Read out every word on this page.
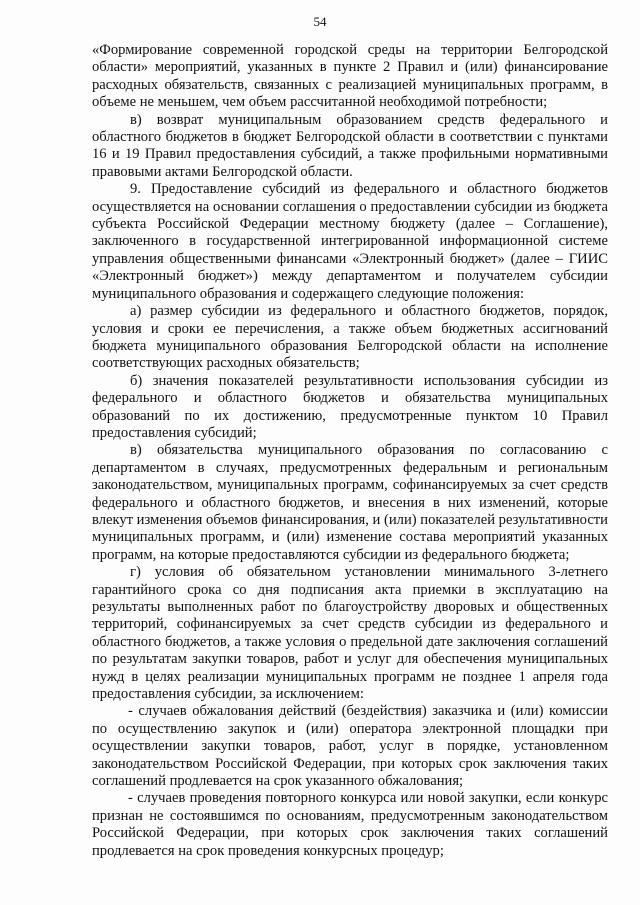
54

«Формирование современной городской среды на территории Белгородской области» мероприятий, указанных в пункте 2 Правил и (или) финансирование расходных обязательств, связанных с реализацией муниципальных программ, в объеме не меньшем, чем объем рассчитанной необходимой потребности;

в) возврат муниципальным образованием средств федерального и областного бюджетов в бюджет Белгородской области в соответствии с пунктами 16 и 19 Правил предоставления субсидий, а также профильными нормативными правовыми актами Белгородской области.

9. Предоставление субсидий из федерального и областного бюджетов осуществляется на основании соглашения о предоставлении субсидии из бюджета субъекта Российской Федерации местному бюджету (далее – Соглашение), заключенного в государственной интегрированной информационной системе управления общественными финансами «Электронный бюджет» (далее – ГИИС «Электронный бюджет») между департаментом и получателем субсидии муниципального образования и содержащего следующие положения:

а) размер субсидии из федерального и областного бюджетов, порядок, условия и сроки ее перечисления, а также объем бюджетных ассигнований бюджета муниципального образования Белгородской области на исполнение соответствующих расходных обязательств;

б) значения показателей результативности использования субсидии из федерального и областного бюджетов и обязательства муниципальных образований по их достижению, предусмотренные пунктом 10 Правил предоставления субсидий;

в) обязательства муниципального образования по согласованию с департаментом в случаях, предусмотренных федеральным и региональным законодательством, муниципальных программ, софинансируемых за счет средств федерального и областного бюджетов, и внесения в них изменений, которые влекут изменения объемов финансирования, и (или) показателей результативности муниципальных программ, и (или) изменение состава мероприятий указанных программ, на которые предоставляются субсидии из федерального бюджета;

г) условия об обязательном установлении минимального 3-летнего гарантийного срока со дня подписания акта приемки в эксплуатацию на результаты выполненных работ по благоустройству дворовых и общественных территорий, софинансируемых за счет средств субсидии из федерального и областного бюджетов, а также условия о предельной дате заключения соглашений по результатам закупки товаров, работ и услуг для обеспечения муниципальных нужд в целях реализации муниципальных программ не позднее 1 апреля года предоставления субсидии, за исключением:

- случаев обжалования действий (бездействия) заказчика и (или) комиссии по осуществлению закупок и (или) оператора электронной площадки при осуществлении закупки товаров, работ, услуг в порядке, установленном законодательством Российской Федерации, при которых срок заключения таких соглашений продлевается на срок указанного обжалования;

- случаев проведения повторного конкурса или новой закупки, если конкурс признан не состоявшимся по основаниям, предусмотренным законодательством Российской Федерации, при которых срок заключения таких соглашений продлевается на срок проведения конкурсных процедур;
